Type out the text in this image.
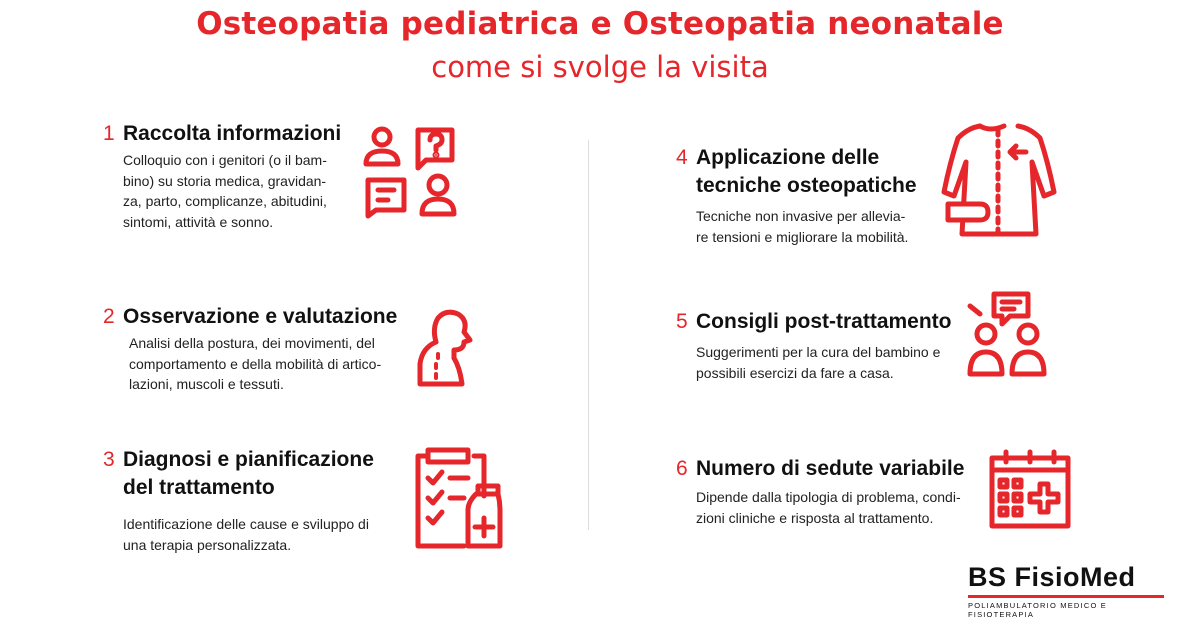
Osteopatia pediatrica e Osteopatia neonatale
come si svolge la visita
1 Raccolta informazioni
Colloquio con i genitori (o il bam-
bino) su storia medica, gravidan-
za, parto, complicanze, abitudini,
sintomi, attività e sonno.
2 Osservazione e valutazione
Analisi della postura, dei movimenti, del
comportamento e della mobilità di artico-
lazioni, muscoli e tessuti.
3 Diagnosi e pianificazione
del trattamento
Identificazione delle cause e sviluppo di
una terapia personalizzata.
4 Applicazione delle
tecniche osteopatiche
Tecniche non invasive per allevia-
re tensioni e migliorare la mobilità.
5 Consigli post-trattamento
Suggerimenti per la cura del bambino e
possibili esercizi da fare a casa.
6 Numero di sedute variabile
Dipende dalla tipologia di problema, condi-
zioni cliniche e risposta al trattamento.
BS FisioMed
POLIAMBULATORIO MEDICO E FISIOTERAPIA
